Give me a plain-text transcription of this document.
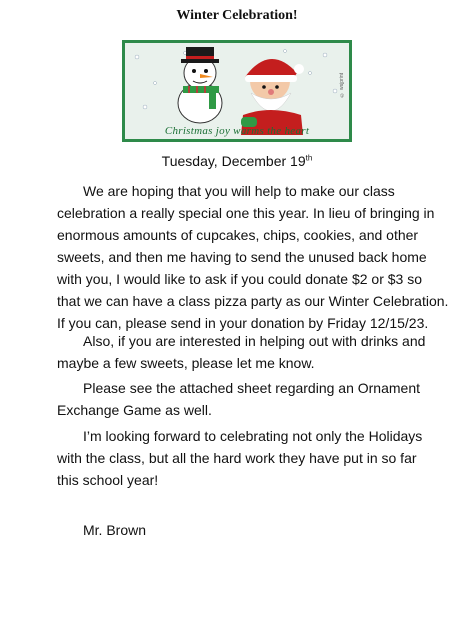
Winter Celebration!
Christmas joy warms the heart
© wsjprint
Tuesday, December 19th
We are hoping that you will help to make our class
celebration a really special one this year. In lieu of bringing in
enormous amounts of cupcakes, chips, cookies, and other
sweets, and then me having to send the unused back home
with you, I would like to ask if you could donate $2 or $3 so
that we can have a class pizza party as our Winter Celebration.
If you can, please send in your donation by Friday 12/15/23.
Also, if you are interested in helping out with drinks and
maybe a few sweets, please let me know.
Please see the attached sheet regarding an Ornament
Exchange Game as well.
I’m looking forward to celebrating not only the Holidays
with the class, but all the hard work they have put in so far
this school year!
Mr. Brown
